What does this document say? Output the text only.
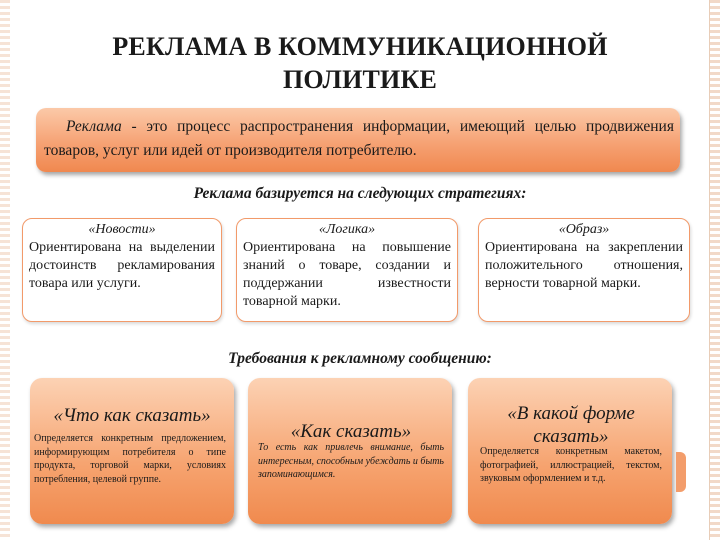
РЕКЛАМА В КОММУНИКАЦИОННОЙ ПОЛИТИКЕ
Реклама - это процесс распространения информации, имеющий целью продвижения товаров, услуг или идей от производителя потребителю.
Реклама базируется на следующих стратегиях:
«Новости»
Ориентирована на выделении достоинств рекламирования товара или услуги.
«Логика»
Ориентирована на повышение знаний о товаре, создании и поддержании известности товарной марки.
«Образ»
Ориентирована на закреплении положительного отношения, верности товарной марки.
Требования к рекламному сообщению:
«Что как сказать»
Определяется конкретным предложением, информирующим потребителя о типе продукта, торговой марки, условиях потребления, целевой группе.
«Как сказать»
То есть как привлечь внимание, быть интересным, способным убеждать и быть запоминающимся.
«В какой форме сказать»
Определяется конкретным макетом, фотографией, иллюстрацией, текстом, звуковым оформлением и т.д.
